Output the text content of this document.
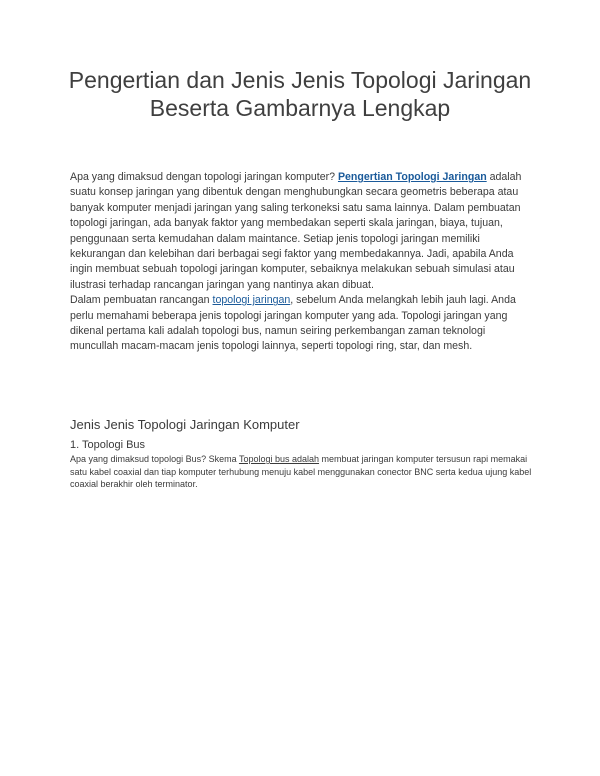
Pengertian dan Jenis Jenis Topologi Jaringan Beserta Gambarnya Lengkap

Apa yang dimaksud dengan topologi jaringan komputer? Pengertian Topologi Jaringan adalah suatu konsep jaringan yang dibentuk dengan menghubungkan secara geometris beberapa atau banyak komputer menjadi jaringan yang saling terkoneksi satu sama lainnya. Dalam pembuatan topologi jaringan, ada banyak faktor yang membedakan seperti skala jaringan, biaya, tujuan, penggunaan serta kemudahan dalam maintance. Setiap jenis topologi jaringan memiliki kekurangan dan kelebihan dari berbagai segi faktor yang membedakannya. Jadi, apabila Anda ingin membuat sebuah topologi jaringan komputer, sebaiknya melakukan sebuah simulasi atau ilustrasi terhadap rancangan jaringan yang nantinya akan dibuat.

Dalam pembuatan rancangan topologi jaringan, sebelum Anda melangkah lebih jauh lagi. Anda perlu memahami beberapa jenis topologi jaringan komputer yang ada. Topologi jaringan yang dikenal pertama kali adalah topologi bus, namun seiring perkembangan zaman teknologi muncullah macam-macam jenis topologi lainnya, seperti topologi ring, star, dan mesh.

Jenis Jenis Topologi Jaringan Komputer
1. Topologi Bus

Apa yang dimaksud topologi Bus? Skema Topologi bus adalah membuat jaringan komputer tersusun rapi memakai satu kabel coaxial dan tiap komputer terhubung menuju kabel menggunakan conector BNC serta kedua ujung kabel coaxial berakhir oleh terminator.
